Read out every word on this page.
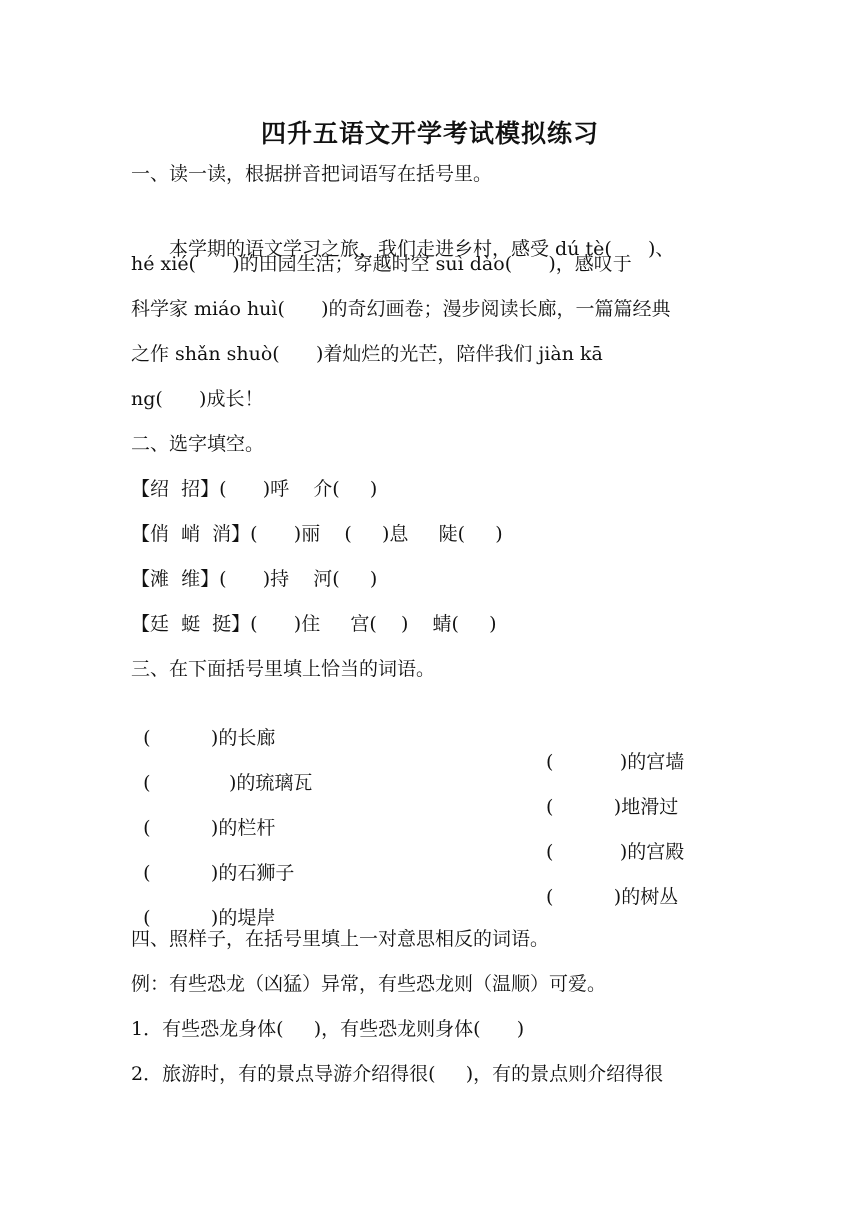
四升五语文开学考试模拟练习
一、读一读，根据拼音把词语写在括号里。
本学期的语文学习之旅，我们走进乡村，感受 dú tè(      )、
hé xié(      )的田园生活；穿越时空 suì dào(      )，感叹于
科学家 miáo huì(      )的奇幻画卷；漫步阅读长廊，一篇篇经典
之作 shǎn shuò(      )着灿烂的光芒，陪伴我们 jiàn kā
ng(      )成长！
二、选字填空。
【绍  招】(      )呼    介(     )
【俏  峭  消】(      )丽    (     )息     陡(     )
【滩  维】(      )持    河(     )
【廷  蜓  挺】(      )住     宫(    )    蜻(     )
三、在下面括号里填上恰当的词语。

(          )的长廊

(           )的宫墙

(             )的琉璃瓦

(          )地滑过

(          )的栏杆

(           )的宫殿

(          )的石狮子

(          )的树丛

(          )的堤岸

四、照样子，在括号里填上一对意思相反的词语。
例：有些恐龙（凶猛）异常，有些恐龙则（温顺）可爱。
1．有些恐龙身体(     )，有些恐龙则身体(      )
2．旅游时，有的景点导游介绍得很(     )，有的景点则介绍得很
